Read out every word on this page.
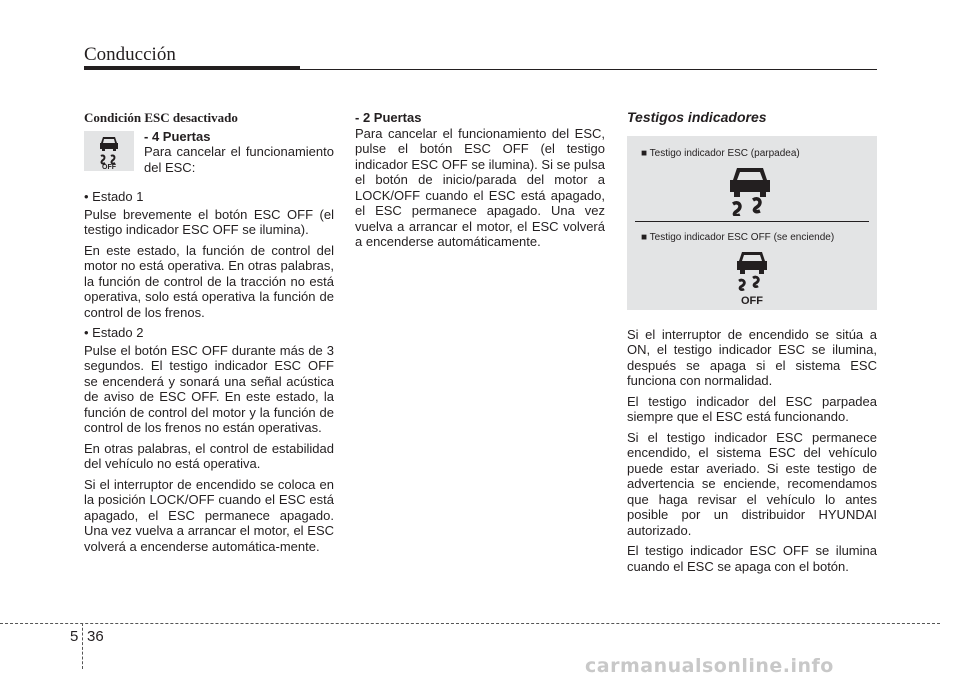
Conducción
Condición ESC desactivado
OFF
- 4 Puertas

Para cancelar el funcionamiento del ESC:

• Estado 1

Pulse brevemente el botón ESC OFF (el testigo indicador ESC OFF se ilumina).

En este estado, la función de control del motor no está operativa. En otras palabras, la función de control de la tracción no está operativa, solo está operativa la función de control de los frenos.

• Estado 2

Pulse el botón ESC OFF durante más de 3 segundos. El testigo indicador ESC OFF se encenderá y sonará una señal acústica de aviso de ESC OFF. En este estado, la función de control del motor y la función de control de los frenos no están operativas.

En otras palabras, el control de estabilidad del vehículo no está operativa.

Si el interruptor de encendido se coloca en la posición LOCK/OFF cuando el ESC está apagado, el ESC permanece apagado. Una vez vuelva a arrancar el motor, el ESC volverá a encenderse automática-mente.

- 2 Puertas

Para cancelar el funcionamiento del ESC, pulse el botón ESC OFF (el testigo indicador ESC OFF se ilumina). Si se pulsa el botón de inicio/parada del motor a LOCK/OFF cuando el ESC está apagado, el ESC permanece apagado. Una vez vuelva a arrancar el motor, el ESC volverá a encenderse automáticamente.

Testigos indicadores
■ Testigo indicador ESC (parpadea)
■ Testigo indicador ESC OFF (se enciende)
OFF

Si el interruptor de encendido se sitúa a ON, el testigo indicador ESC se ilumina, después se apaga si el sistema ESC funciona con normalidad.

El testigo indicador del ESC parpadea siempre que el ESC está funcionando.

Si el testigo indicador ESC permanece encendido, el sistema ESC del vehículo puede estar averiado. Si este testigo de advertencia se enciende, recomendamos que haga revisar el vehículo lo antes posible por un distribuidor HYUNDAI autorizado.

El testigo indicador ESC OFF se ilumina cuando el ESC se apaga con el botón.

5 36
carmanualsonline.info
